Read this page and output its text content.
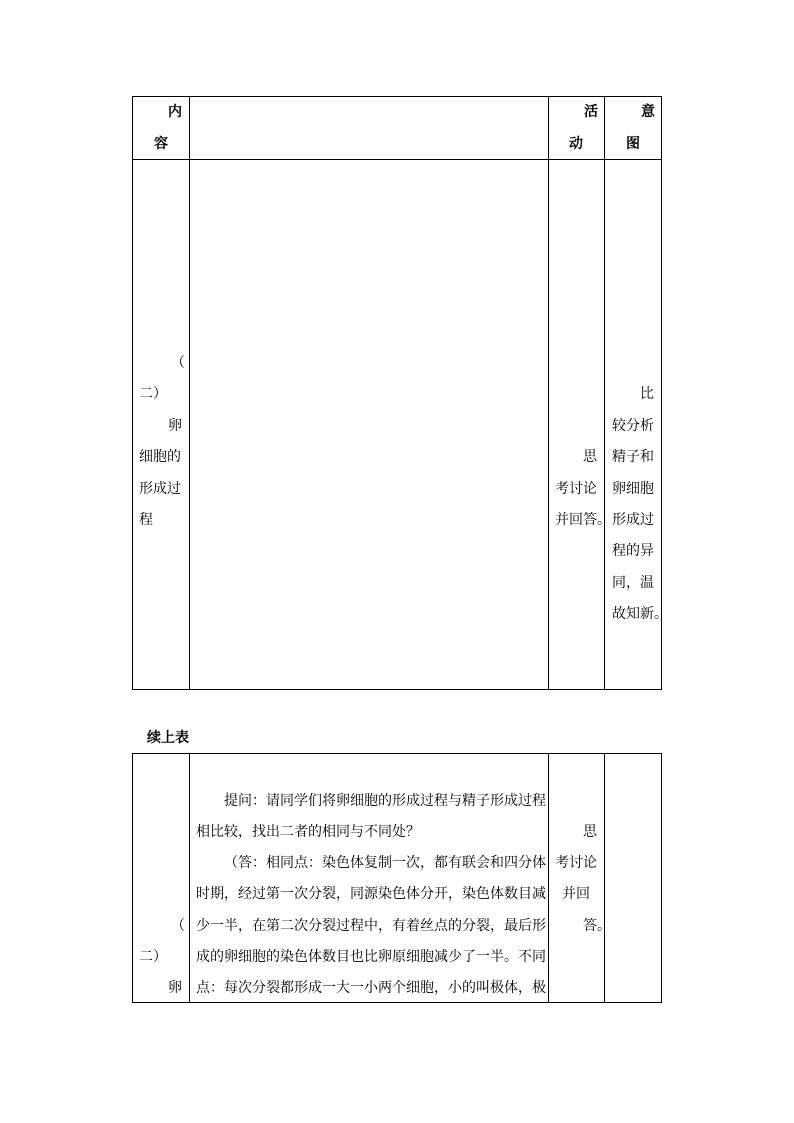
内
容
活
动
意
图
（
二）
卵
细胞的
形成过
程
思
考讨论
并回答。
比
较分析
精子和
卵细胞
形成过
程的异
同，温
故知新。
续上表
（
二）
卵
提问：请同学们将卵细胞的形成过程与精子形成过程
相比较，找出二者的相同与不同处？
（答：相同点：染色体复制一次，都有联会和四分体
时期，经过第一次分裂，同源染色体分开，染色体数目减
少一半，在第二次分裂过程中，有着丝点的分裂，最后形
成的卵细胞的染色体数目也比卵原细胞减少了一半。不同
点：每次分裂都形成一大一小两个细胞，小的叫极体，极
思
考讨论
并回
答。
